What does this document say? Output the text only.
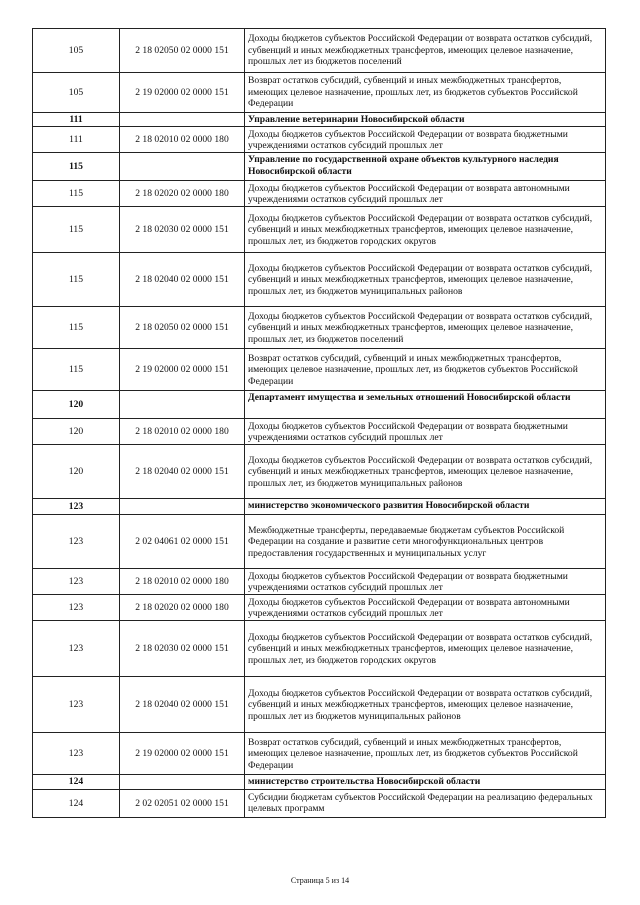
105	2 18 02050 02 0000 151	Доходы бюджетов субъектов Российской Федерации от возврата остатков субсидий, субвенций и иных межбюджетных трансфертов, имеющих целевое назначение, прошлых лет из бюджетов поселений
105	2 19 02000 02 0000 151	Возврат остатков субсидий, субвенций и иных межбюджетных трансфертов, имеющих целевое назначение, прошлых лет, из бюджетов субъектов Российской Федерации
111		Управление ветеринарии Новосибирской области
111	2 18 02010 02 0000 180	Доходы бюджетов субъектов Российской Федерации от возврата бюджетными учреждениями остатков субсидий прошлых лет
115		Управление по государственной охране объектов культурного наследия Новосибирской области
115	2 18 02020 02 0000 180	Доходы бюджетов субъектов Российской Федерации от возврата автономными учреждениями остатков субсидий прошлых лет
115	2 18 02030 02 0000 151	Доходы бюджетов субъектов Российской Федерации от возврата остатков субсидий, субвенций и иных межбюджетных трансфертов, имеющих целевое назначение, прошлых лет, из бюджетов городских округов
115	2 18 02040 02 0000 151	Доходы бюджетов субъектов Российской Федерации от возврата остатков субсидий, субвенций и иных межбюджетных трансфертов, имеющих целевое назначение, прошлых лет, из бюджетов муниципальных районов
115	2 18 02050 02 0000 151	Доходы бюджетов субъектов Российской Федерации от возврата остатков субсидий, субвенций и иных межбюджетных трансфертов, имеющих целевое назначение, прошлых лет, из бюджетов поселений
115	2 19 02000 02 0000 151	Возврат остатков субсидий, субвенций и иных межбюджетных трансфертов, имеющих целевое назначение, прошлых лет, из бюджетов субъектов Российской Федерации
120		Департамент имущества и земельных отношений Новосибирской области
120	2 18 02010 02 0000 180	Доходы бюджетов субъектов Российской Федерации от возврата бюджетными учреждениями остатков субсидий прошлых лет
120	2 18 02040 02 0000 151	Доходы бюджетов субъектов Российской Федерации от возврата остатков субсидий, субвенций и иных межбюджетных трансфертов, имеющих целевое назначение, прошлых лет, из бюджетов муниципальных районов
123		министерство экономического развития Новосибирской области
123	2 02 04061 02 0000 151	Межбюджетные трансферты, передаваемые бюджетам субъектов Российской Федерации на создание и развитие сети многофункциональных центров предоставления государственных и муниципальных услуг
123	2 18 02010 02 0000 180	Доходы бюджетов субъектов Российской Федерации от возврата бюджетными учреждениями остатков субсидий прошлых лет
123	2 18 02020 02 0000 180	Доходы бюджетов субъектов Российской Федерации от возврата автономными учреждениями остатков субсидий прошлых лет
123	2 18 02030 02 0000 151	Доходы бюджетов субъектов Российской Федерации от возврата остатков субсидий, субвенций и иных межбюджетных трансфертов, имеющих целевое назначение, прошлых лет, из бюджетов городских округов
123	2 18 02040 02 0000 151	Доходы бюджетов субъектов Российской Федерации от возврата остатков субсидий, субвенций и иных межбюджетных трансфертов, имеющих целевое назначение, прошлых лет из бюджетов муниципальных районов
123	2 19 02000 02 0000 151	Возврат остатков субсидий, субвенций и иных межбюджетных трансфертов, имеющих целевое назначение, прошлых лет, из бюджетов субъектов Российской Федерации
124		министерство строительства Новосибирской области
124	2 02 02051 02 0000 151	Субсидии бюджетам субъектов Российской Федерации на реализацию федеральных целевых программ
Страница 5 из 14
